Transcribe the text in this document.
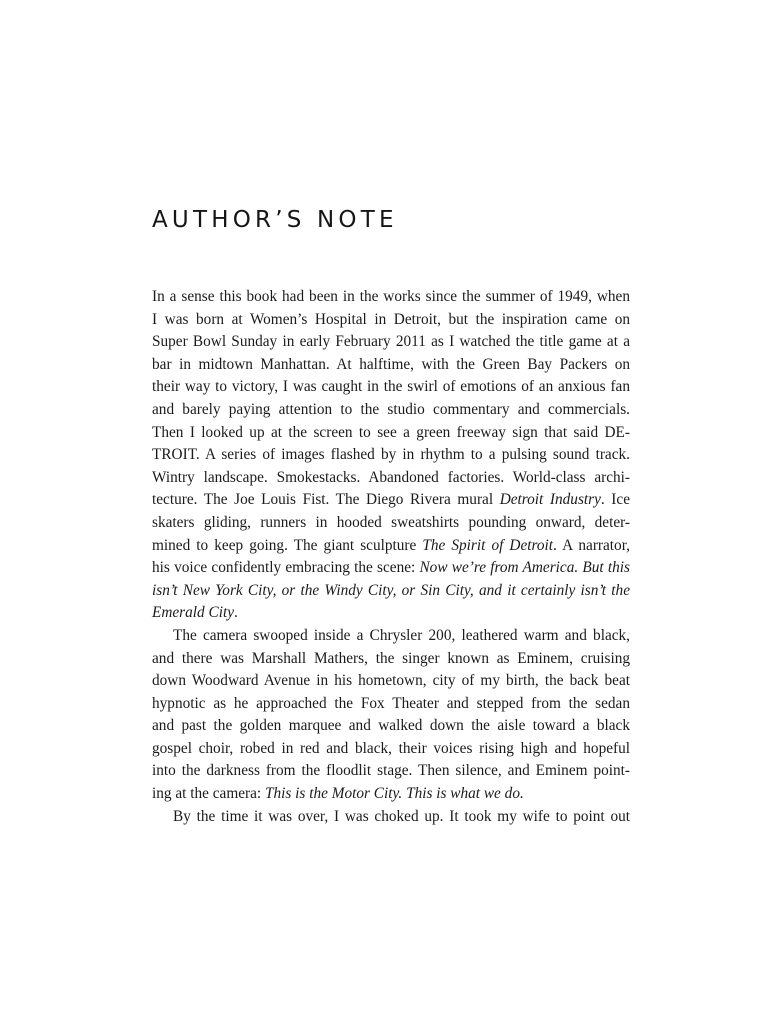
AUTHOR’S NOTE
In a sense this book had been in the works since the summer of 1949, when
I was born at Women’s Hospital in Detroit, but the inspiration came on
Super Bowl Sunday in early February 2011 as I watched the title game at a
bar in midtown Manhattan. At halftime, with the Green Bay Packers on
their way to victory, I was caught in the swirl of emotions of an anxious fan
and barely paying attention to the studio commentary and commercials.
Then I looked up at the screen to see a green freeway sign that said DE-
TROIT. A series of images flashed by in rhythm to a pulsing sound track.
Wintry landscape. Smokestacks. Abandoned factories. World-class archi-
tecture. The Joe Louis Fist. The Diego Rivera mural Detroit Industry. Ice
skaters gliding, runners in hooded sweatshirts pounding onward, deter-
mined to keep going. The giant sculpture The Spirit of Detroit. A narrator,
his voice confidently embracing the scene: Now we’re from America. But this
isn’t New York City, or the Windy City, or Sin City, and it certainly isn’t the
Emerald City.
The camera swooped inside a Chrysler 200, leathered warm and black,
and there was Marshall Mathers, the singer known as Eminem, cruising
down Woodward Avenue in his hometown, city of my birth, the back beat
hypnotic as he approached the Fox Theater and stepped from the sedan
and past the golden marquee and walked down the aisle toward a black
gospel choir, robed in red and black, their voices rising high and hopeful
into the darkness from the floodlit stage. Then silence, and Eminem point-
ing at the camera: This is the Motor City. This is what we do.
By the time it was over, I was choked up. It took my wife to point out
